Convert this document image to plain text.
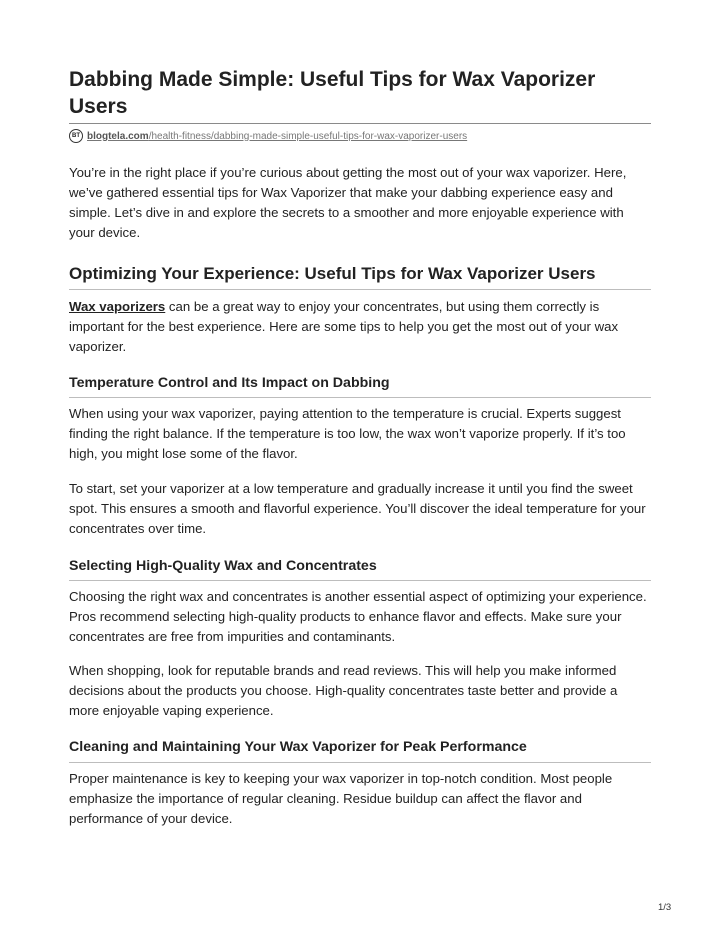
Dabbing Made Simple: Useful Tips for Wax Vaporizer Users
BT blogtela.com/health-fitness/dabbing-made-simple-useful-tips-for-wax-vaporizer-users

You’re in the right place if you’re curious about getting the most out of your wax vaporizer. Here, we’ve gathered essential tips for Wax Vaporizer that make your dabbing experience easy and simple. Let’s dive in and explore the secrets to a smoother and more enjoyable experience with your device.

Optimizing Your Experience: Useful Tips for Wax Vaporizer Users

Wax vaporizers can be a great way to enjoy your concentrates, but using them correctly is important for the best experience. Here are some tips to help you get the most out of your wax vaporizer.

Temperature Control and Its Impact on Dabbing

When using your wax vaporizer, paying attention to the temperature is crucial. Experts suggest finding the right balance. If the temperature is too low, the wax won’t vaporize properly. If it’s too high, you might lose some of the flavor.

To start, set your vaporizer at a low temperature and gradually increase it until you find the sweet spot. This ensures a smooth and flavorful experience. You’ll discover the ideal temperature for your concentrates over time.

Selecting High-Quality Wax and Concentrates

Choosing the right wax and concentrates is another essential aspect of optimizing your experience. Pros recommend selecting high-quality products to enhance flavor and effects. Make sure your concentrates are free from impurities and contaminants.

When shopping, look for reputable brands and read reviews. This will help you make informed decisions about the products you choose. High-quality concentrates taste better and provide a more enjoyable vaping experience.

Cleaning and Maintaining Your Wax Vaporizer for Peak Performance

Proper maintenance is key to keeping your wax vaporizer in top-notch condition. Most people emphasize the importance of regular cleaning. Residue buildup can affect the flavor and performance of your device.

1/3
